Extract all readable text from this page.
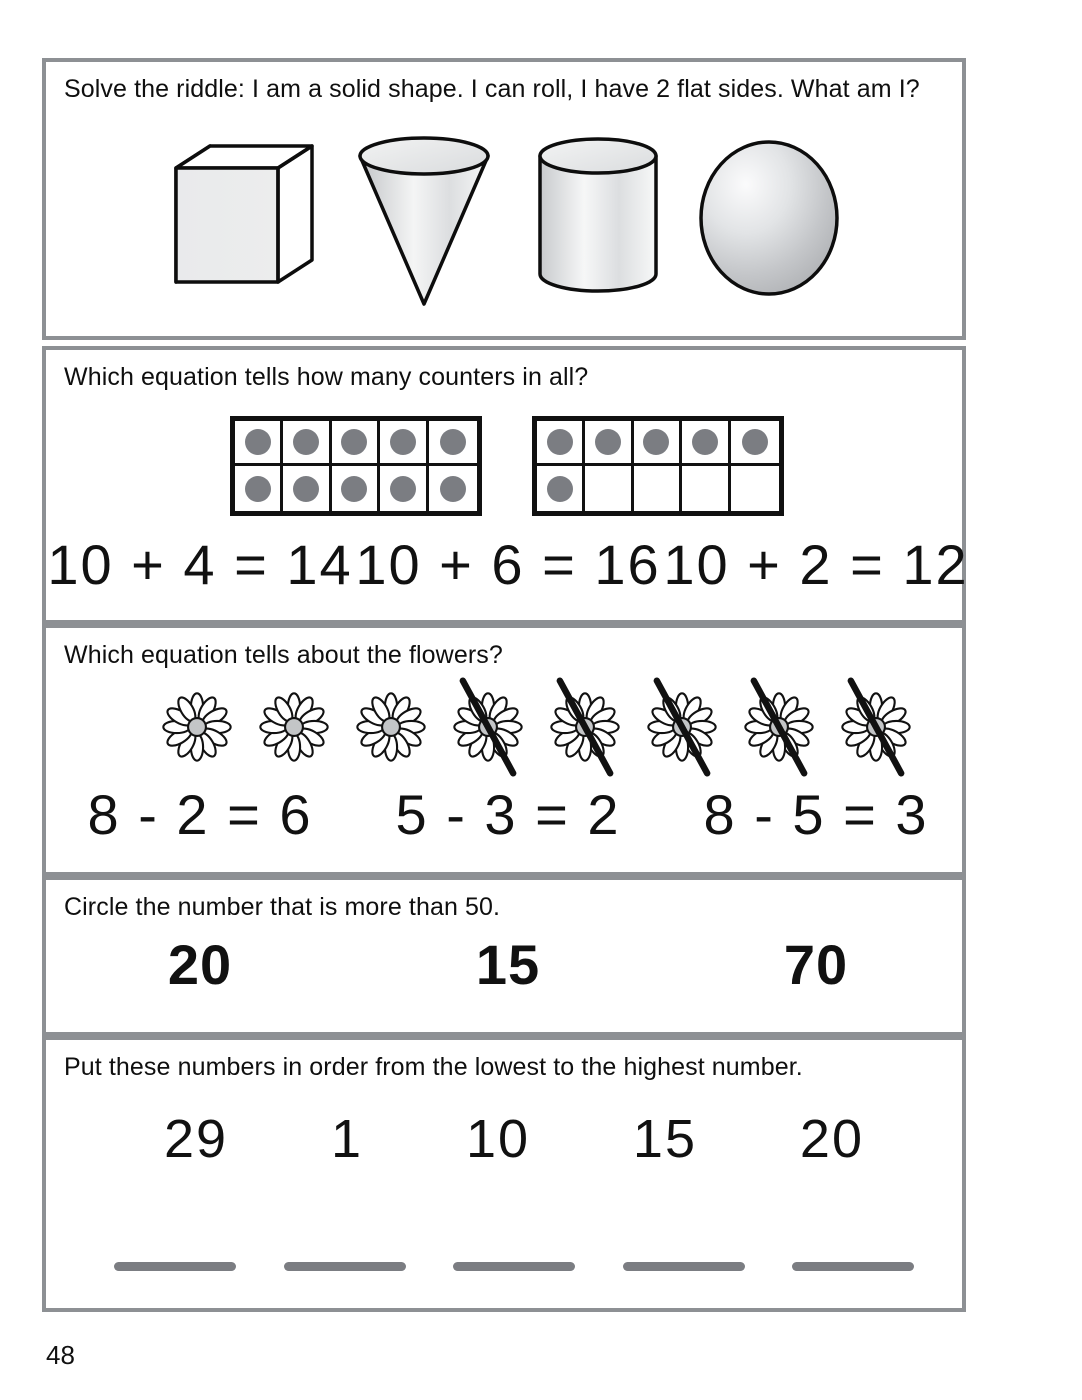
Solve the riddle: I am a solid shape. I can roll, I have 2 flat sides. What am I?
Which equation tells how many counters in all?
10 + 4 = 14 10 + 6 = 16 10 + 2 = 12
Which equation tells about the flowers?
8 - 2 = 6 5 - 3 = 2 8 - 5 = 3
Circle the number that is more than 50.
20	15	70
Put these numbers in order from the lowest to the highest number.
29 1 10 15 20
48
